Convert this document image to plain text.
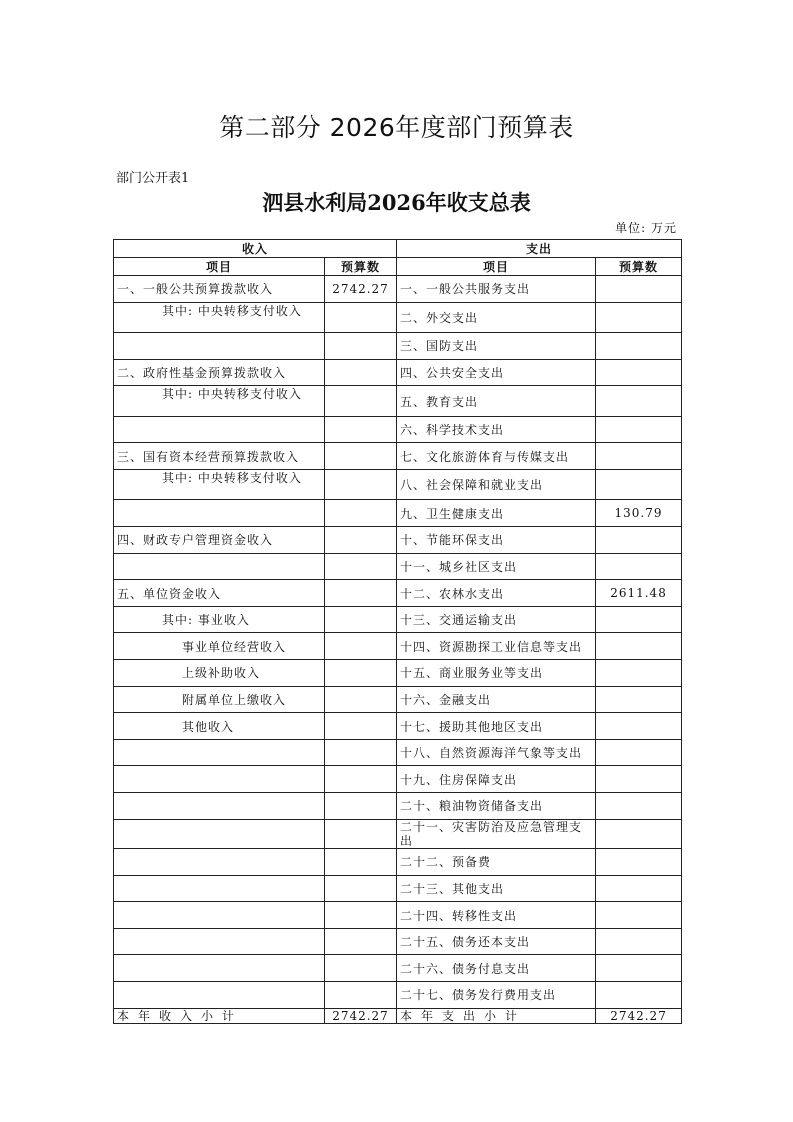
第二部分 2026年度部门预算表
部门公开表1
泗县水利局2026年收支总表
单位: 万元
收入		支出	
项目	预算数	项目	预算数
一、一般公共预算拨款收入	2742.27	一、一般公共服务支出	
其中: 中央转移支付收入		二、外交支出	
		三、国防支出	
二、政府性基金预算拨款收入		四、公共安全支出	
其中: 中央转移支付收入		五、教育支出	
		六、科学技术支出	
三、国有资本经营预算拨款收入		七、文化旅游体育与传媒支出	
其中: 中央转移支付收入		八、社会保障和就业支出	
		九、卫生健康支出	130.79
四、财政专户管理资金收入		十、节能环保支出	
		十一、城乡社区支出	
五、单位资金收入		十二、农林水支出	2611.48
其中: 事业收入		十三、交通运输支出	
事业单位经营收入		十四、资源勘探工业信息等支出	
上级补助收入		十五、商业服务业等支出	
附属单位上缴收入		十六、金融支出	
其他收入		十七、援助其他地区支出	
		十八、自然资源海洋气象等支出	
		十九、住房保障支出	
		二十、粮油物资储备支出	
		二十一、灾害防治及应急管理支出	
		二十二、预备费	
		二十三、其他支出	
		二十四、转移性支出	
		二十五、债务还本支出	
		二十六、债务付息支出	
		二十七、债务发行费用支出	
本年收入小计	2742.27	本年支出小计	2742.27
